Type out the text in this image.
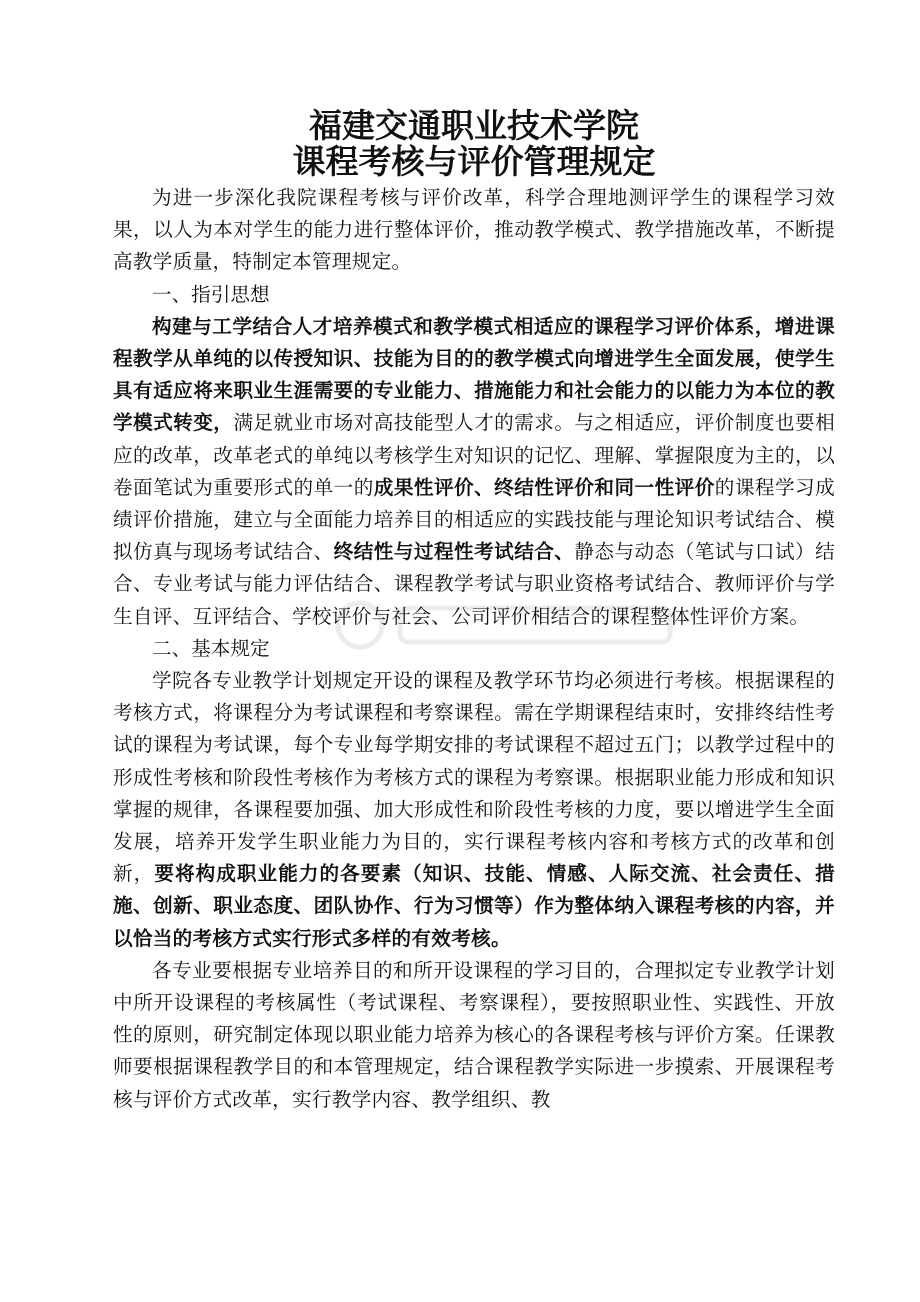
福建交通职业技术学院
课程考核与评价管理规定

为进一步深化我院课程考核与评价改革，科学合理地测评学生的课程学习效果，以人为本对学生的能力进行整体评价，推动教学模式、教学措施改革，不断提高教学质量，特制定本管理规定。

一、指引思想

构建与工学结合人才培养模式和教学模式相适应的课程学习评价体系，增进课程教学从单纯的以传授知识、技能为目的的教学模式向增进学生全面发展，使学生具有适应将来职业生涯需要的专业能力、措施能力和社会能力的以能力为本位的教学模式转变，满足就业市场对高技能型人才的需求。与之相适应，评价制度也要相应的改革，改革老式的单纯以考核学生对知识的记忆、理解、掌握限度为主的，以卷面笔试为重要形式的单一的成果性评价、终结性评价和同一性评价的课程学习成绩评价措施，建立与全面能力培养目的相适应的实践技能与理论知识考试结合、模拟仿真与现场考试结合、终结性与过程性考试结合、静态与动态（笔试与口试）结合、专业考试与能力评估结合、课程教学考试与职业资格考试结合、教师评价与学生自评、互评结合、学校评价与社会、公司评价相结合的课程整体性评价方案。

二、基本规定

学院各专业教学计划规定开设的课程及教学环节均必须进行考核。根据课程的考核方式，将课程分为考试课程和考察课程。需在学期课程结束时，安排终结性考试的课程为考试课，每个专业每学期安排的考试课程不超过五门；以教学过程中的形成性考核和阶段性考核作为考核方式的课程为考察课。根据职业能力形成和知识掌握的规律，各课程要加强、加大形成性和阶段性考核的力度，要以增进学生全面发展，培养开发学生职业能力为目的，实行课程考核内容和考核方式的改革和创新，要将构成职业能力的各要素（知识、技能、情感、人际交流、社会责任、措施、创新、职业态度、团队协作、行为习惯等）作为整体纳入课程考核的内容，并以恰当的考核方式实行形式多样的有效考核。

各专业要根据专业培养目的和所开设课程的学习目的，合理拟定专业教学计划中所开设课程的考核属性（考试课程、考察课程），要按照职业性、实践性、开放性的原则，研究制定体现以职业能力培养为核心的各课程考核与评价方案。任课教师要根据课程教学目的和本管理规定，结合课程教学实际进一步摸索、开展课程考核与评价方式改革，实行教学内容、教学组织、教
